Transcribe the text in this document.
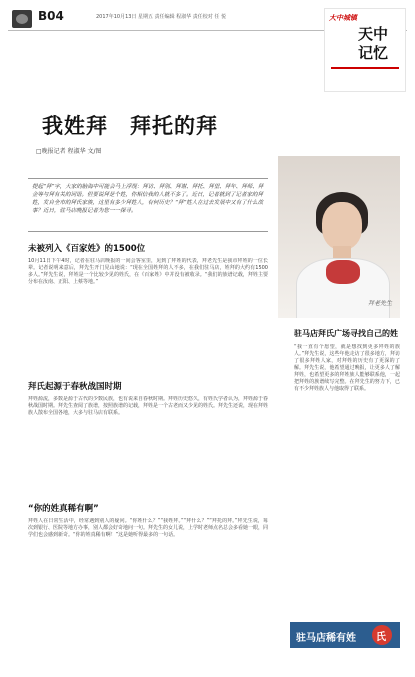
B04	2017年10月13日 星期五 责任编辑 程淑华 责任校对 任 悦	大中城镇
天中记忆
我姓拜　拜托的拜
□晚报记者 程淑华 文/图
提起“拜”字，大家的脑海中可能会马上浮现：拜访、拜别、拜谢、拜托、拜望、拜年、拜师、拜金等与拜有关的词语。但要说拜是个姓，你相信我的人就不多了。近日，记者就到了记者家的拜姓，发自全市的拜氏家族，这里有多少拜姓人，有何历史？“拜”姓人在过去发展中又有了什么故事？近日，驻马店晚报记者为您一一探寻。
未被列入《百家姓》的1500位
10月11日下午4时，记者在驻马店晚报的一间会客室里，见到了拜姓的代表，拜老先生是我市拜姓的一位长辈。记者说明来意后，拜先生开门见山地说：“现在全国姓拜的人不多，在我们驻马店，姓拜的大约有1500多人。”拜先生说，拜姓是一个比较少见的姓氏，在《百家姓》中并没有被收录。“我们的族谱记载，拜姓主要分布在汝南、正阳、上蔡等地。”
拜氏起源于春秋战国时期
拜姓源流，多数是源于古代的少数民族，也有说来自春秋时期。拜姓历史悠久，有姓氏学者认为，拜姓源于春秋战国时期。拜先生查阅了族谱，按照族谱的记载，拜姓是一个古老而又少见的姓氏。拜先生还说，现在拜姓族人散布全国各地，大多与驻马店有联系。
“你的姓真稀有啊”
拜姓人在日常生活中，经常遇到别人的疑问。“你姓什么？”“我姓拜。”“拜什么？”“拜托的拜。”拜先生说，每次到银行、医院等地方办事，别人都会好奇地问一句。拜先生的女儿说，上学时老师点名总会多看她一眼，同学们也会感到新奇。“你的姓真稀有啊！”这是她听得最多的一句话。
拜老先生
驻马店拜氏广场寻找自己的姓
“我一直有个愿望，就是想找到更多拜姓的族人。”拜先生说，这些年他走访了很多地方，拜访了很多拜姓人家，对拜姓的历史有了更深的了解。拜先生说，他希望通过晚报，让更多人了解拜姓，也希望更多的拜姓族人能够联系他，一起把拜姓的族谱续写完整。在拜先生的努力下，已有不少拜姓族人与他取得了联系。
驻马店稀有姓 氏
